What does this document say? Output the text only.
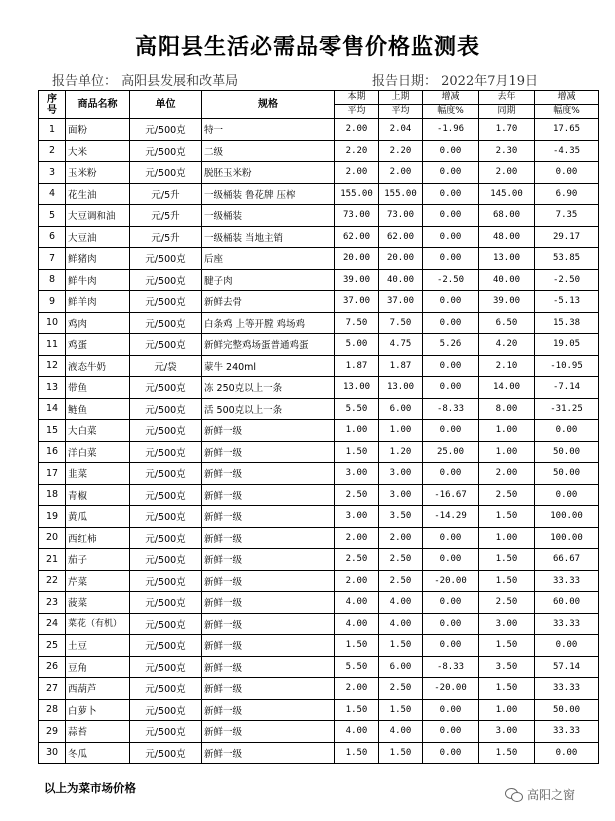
高阳县生活必需品零售价格监测表
报告单位： 高阳县发展和改革局	报告日期： 2022年7月19日
序
号	商品名称	单位	规格	本期	上期	增减	去年	增减
				平均	平均	幅度%	同期	幅度%
1	面粉	元/500克	特一	2.00	2.04	-1.96	1.70	17.65
2	大米	元/500克	二级	2.20	2.20	0.00	2.30	-4.35
3	玉米粉	元/500克	脱胚玉米粉	2.00	2.00	0.00	2.00	0.00
4	花生油	元/5升	一级桶装 鲁花牌 压榨	155.00	155.00	0.00	145.00	6.90
5	大豆调和油	元/5升	一级桶装	73.00	73.00	0.00	68.00	7.35
6	大豆油	元/5升	一级桶装 当地主销	62.00	62.00	0.00	48.00	29.17
7	鲜猪肉	元/500克	后座	20.00	20.00	0.00	13.00	53.85
8	鲜牛肉	元/500克	腱子肉	39.00	40.00	-2.50	40.00	-2.50
9	鲜羊肉	元/500克	新鲜去骨	37.00	37.00	0.00	39.00	-5.13
10	鸡肉	元/500克	白条鸡 上等开膛 鸡场鸡	7.50	7.50	0.00	6.50	15.38
11	鸡蛋	元/500克	新鲜完整鸡场蛋普通鸡蛋	5.00	4.75	5.26	4.20	19.05
12	液态牛奶	元/袋	蒙牛 240ml	1.87	1.87	0.00	2.10	-10.95
13	带鱼	元/500克	冻 250克以上一条	13.00	13.00	0.00	14.00	-7.14
14	鲢鱼	元/500克	活 500克以上一条	5.50	6.00	-8.33	8.00	-31.25
15	大白菜	元/500克	新鲜一级	1.00	1.00	0.00	1.00	0.00
16	洋白菜	元/500克	新鲜一级	1.50	1.20	25.00	1.00	50.00
17	韭菜	元/500克	新鲜一级	3.00	3.00	0.00	2.00	50.00
18	青椒	元/500克	新鲜一级	2.50	3.00	-16.67	2.50	0.00
19	黄瓜	元/500克	新鲜一级	3.00	3.50	-14.29	1.50	100.00
20	西红柿	元/500克	新鲜一级	2.00	2.00	0.00	1.00	100.00
21	茄子	元/500克	新鲜一级	2.50	2.50	0.00	1.50	66.67
22	芹菜	元/500克	新鲜一级	2.00	2.50	-20.00	1.50	33.33
23	菠菜	元/500克	新鲜一级	4.00	4.00	0.00	2.50	60.00
24	菜花（有机）	元/500克	新鲜一级	4.00	4.00	0.00	3.00	33.33
25	土豆	元/500克	新鲜一级	1.50	1.50	0.00	1.50	0.00
26	豆角	元/500克	新鲜一级	5.50	6.00	-8.33	3.50	57.14
27	西葫芦	元/500克	新鲜一级	2.00	2.50	-20.00	1.50	33.33
28	白萝卜	元/500克	新鲜一级	1.50	1.50	0.00	1.00	50.00
29	蒜苔	元/500克	新鲜一级	4.00	4.00	0.00	3.00	33.33
30	冬瓜	元/500克	新鲜一级	1.50	1.50	0.00	1.50	0.00
以上为菜市场价格	高阳之窗
